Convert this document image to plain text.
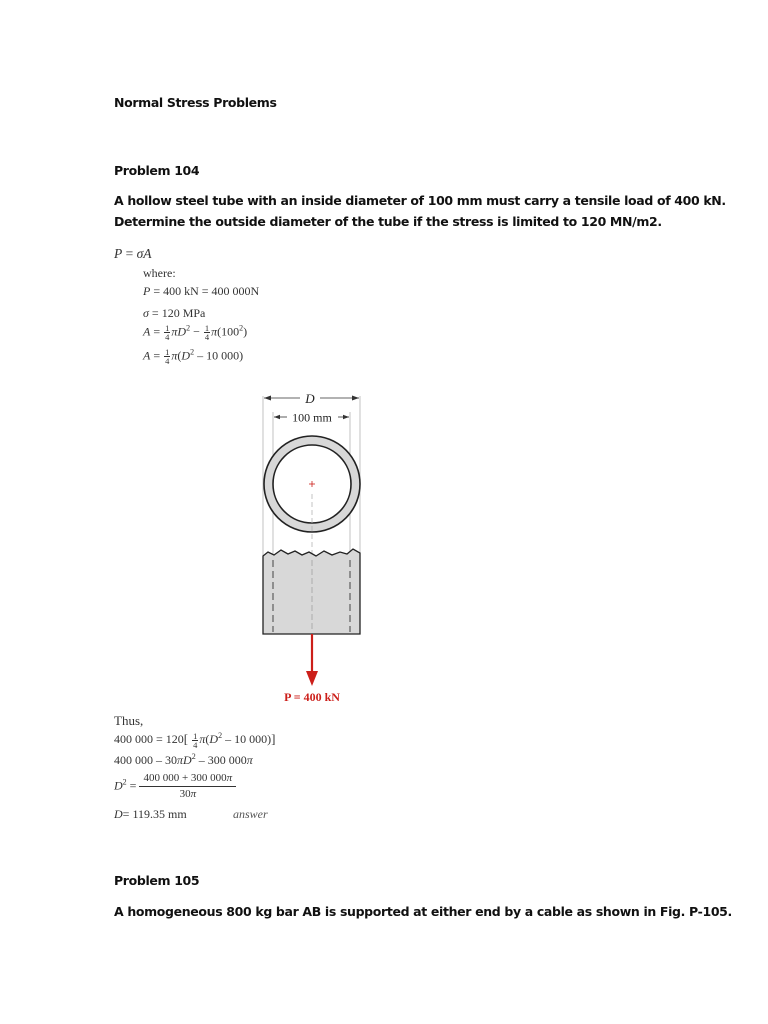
Normal Stress Problems
Problem 104
A hollow steel tube with an inside diameter of 100 mm must carry a tensile load of 400 kN.
Determine the outside diameter of the tube if the stress is limited to 120 MN/m2.
P = σA
where:
P = 400 kN = 400 000N
σ = 120 MPa
$A = \frac{1}{4} \pi D^2 - \frac{1}{4} \pi(100^2)$
$A = \frac{1}{4} \pi(D^2 - 10$ 000)
D
100 mm
P = 400 kN
Thus,
400 $000 = 120[ \frac{1}{4} \pi(D^2 - 10$ 000)]
400 $000 - 30\pi D^2 - 300$ 000π
$D^2 = \frac{400 000 + 300 000\pi}{30\pi}$
D= 119.35 mm	answer
Problem 105
A homogeneous 800 kg bar AB is supported at either end by a cable as shown in Fig. P-105.
